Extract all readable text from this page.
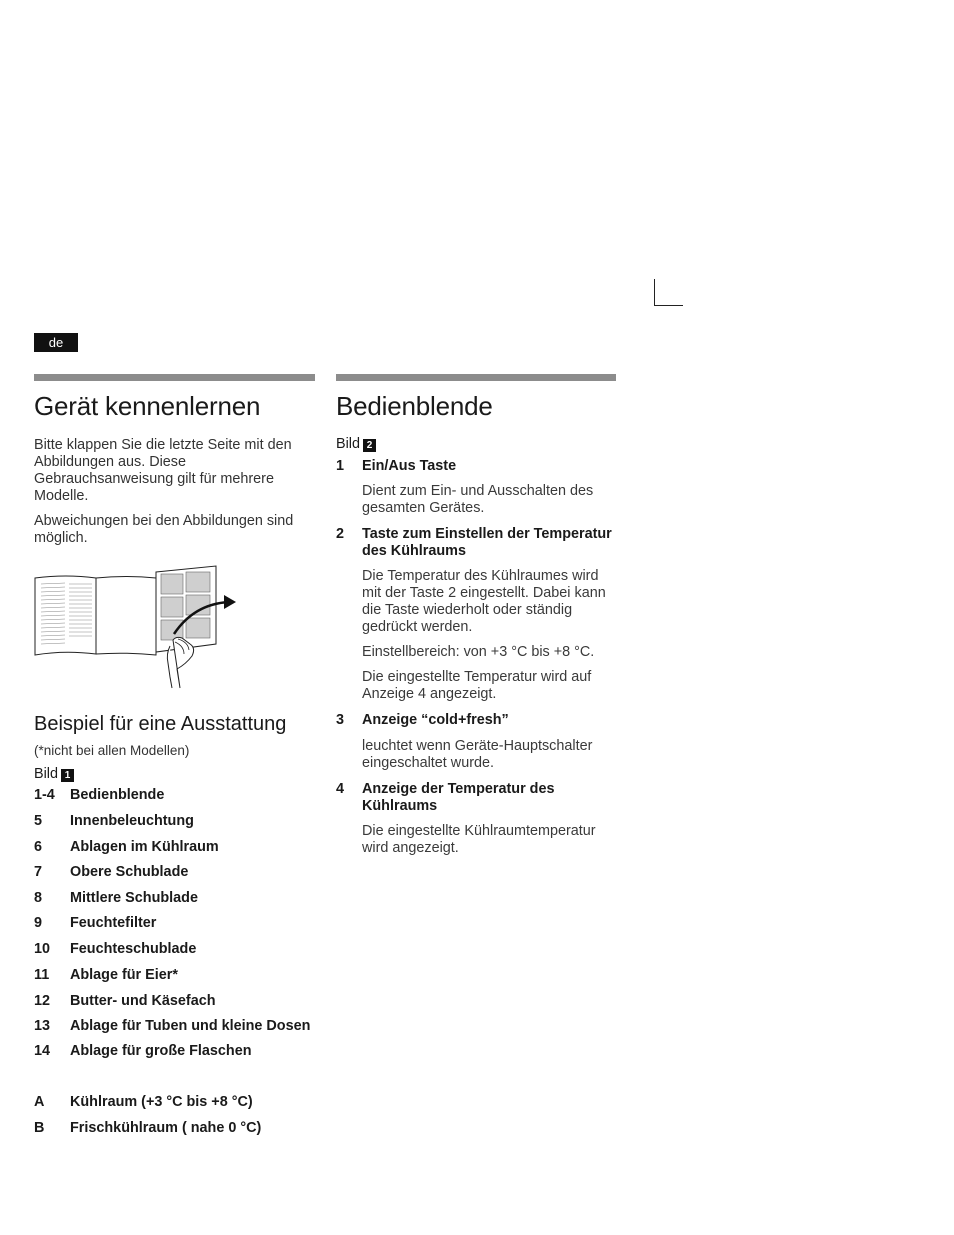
de
Gerät kennenlernen

Bitte klappen Sie die letzte Seite mit den Abbildungen aus. Diese Gebrauchsanweisung gilt für mehrere Modelle.

Abweichungen bei den Abbildungen sind möglich.

Beispiel für eine Ausstattung

(*nicht bei allen Modellen)

Bild 1
1-4	Bedienblende
5	Innenbeleuchtung
6	Ablagen im Kühlraum
7	Obere Schublade
8	Mittlere Schublade
9	Feuchtefilter
10	Feuchteschublade
11	Ablage für Eier*
12	Butter- und Käsefach
13	Ablage für Tuben und kleine Dosen
14	Ablage für große Flaschen
A	Kühlraum (+3 °C bis +8 °C)
B	Frischkühlraum ( nahe 0 °C)
Bedienblende
Bild 2
1	Ein/Aus Taste
Dient zum Ein- und Ausschalten des gesamten Gerätes.
2	Taste zum Einstellen der Temperatur des Kühlraums
Die Temperatur des Kühlraumes wird mit der Taste 2 eingestellt. Dabei kann die Taste wiederholt oder ständig gedrückt werden.
Einstellbereich: von +3 °C bis +8 °C.
Die eingestellte Temperatur wird auf Anzeige 4 angezeigt.
3	Anzeige “cold+fresh”
leuchtet wenn Geräte-Hauptschalter eingeschaltet wurde.
4	Anzeige der Temperatur des Kühlraums
Die eingestellte Kühlraumtemperatur wird angezeigt.
